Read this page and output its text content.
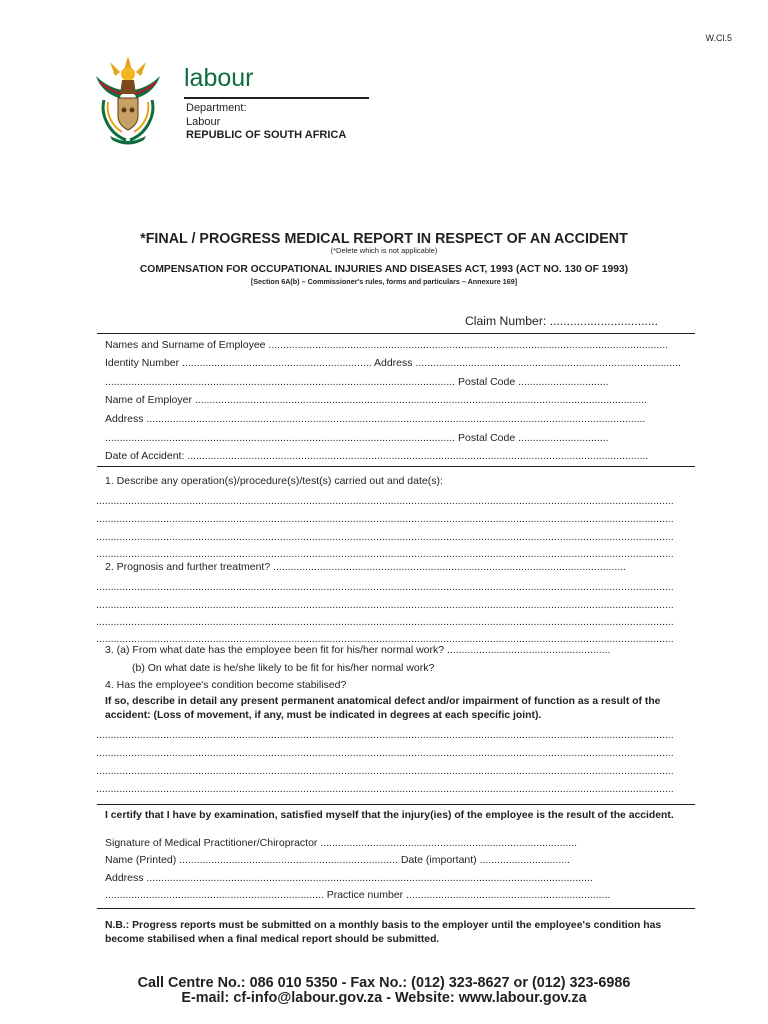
W.Cl.5
labour
Department:
Labour
REPUBLIC OF SOUTH AFRICA
*FINAL / PROGRESS MEDICAL REPORT IN RESPECT OF AN ACCIDENT
(*Delete which is not applicable)
COMPENSATION FOR OCCUPATIONAL INJURIES AND DISEASES ACT, 1993 (ACT NO. 130 OF 1993)
[Section 6A(b) – Commissioner's rules, forms and particulars – Annexure 169]
Claim Number: ................................
Names and Surname of Employee .........................................................................................................................................
Identity Number ................................................................. Address ...........................................................................................
........................................................................................................................ Postal Code ...............................
Name of Employer ...........................................................................................................................................................
Address ...........................................................................................................................................................................
........................................................................................................................ Postal Code ...............................
Date of Accident: ..............................................................................................................................................................
1. Describe any operation(s)/procedure(s)/test(s) carried out and date(s):
......................................................................................................................................................................................................
......................................................................................................................................................................................................
......................................................................................................................................................................................................
......................................................................................................................................................................................................
2. Prognosis and further treatment? .........................................................................................................................
......................................................................................................................................................................................................
......................................................................................................................................................................................................
......................................................................................................................................................................................................
......................................................................................................................................................................................................
3. (a) From what date has the employee been fit for his/her normal work? ........................................................
(b) On what date is he/she likely to be fit for his/her normal work?
4. Has the employee's condition become stabilised?
If so, describe in detail any present permanent anatomical defect and/or impairment of function as a result of the accident: (Loss of movement, if any, must be indicated in degrees at each specific joint).
......................................................................................................................................................................................................
......................................................................................................................................................................................................
......................................................................................................................................................................................................
......................................................................................................................................................................................................
I certify that I have by examination, satisfied myself that the injury(ies) of the employee is the result of the accident.
Signature of Medical Practitioner/Chiropractor ........................................................................................
Name (Printed) ........................................................................... Date (important) ...............................
Address .........................................................................................................................................................
........................................................................... Practice number ......................................................................
N.B.: Progress reports must be submitted on a monthly basis to the employer until the employee's condition has become stabilised when a final medical report should be submitted.
Call Centre No.: 086 010 5350 - Fax No.: (012) 323-8627 or (012) 323-6986
E-mail: cf-info@labour.gov.za - Website: www.labour.gov.za
